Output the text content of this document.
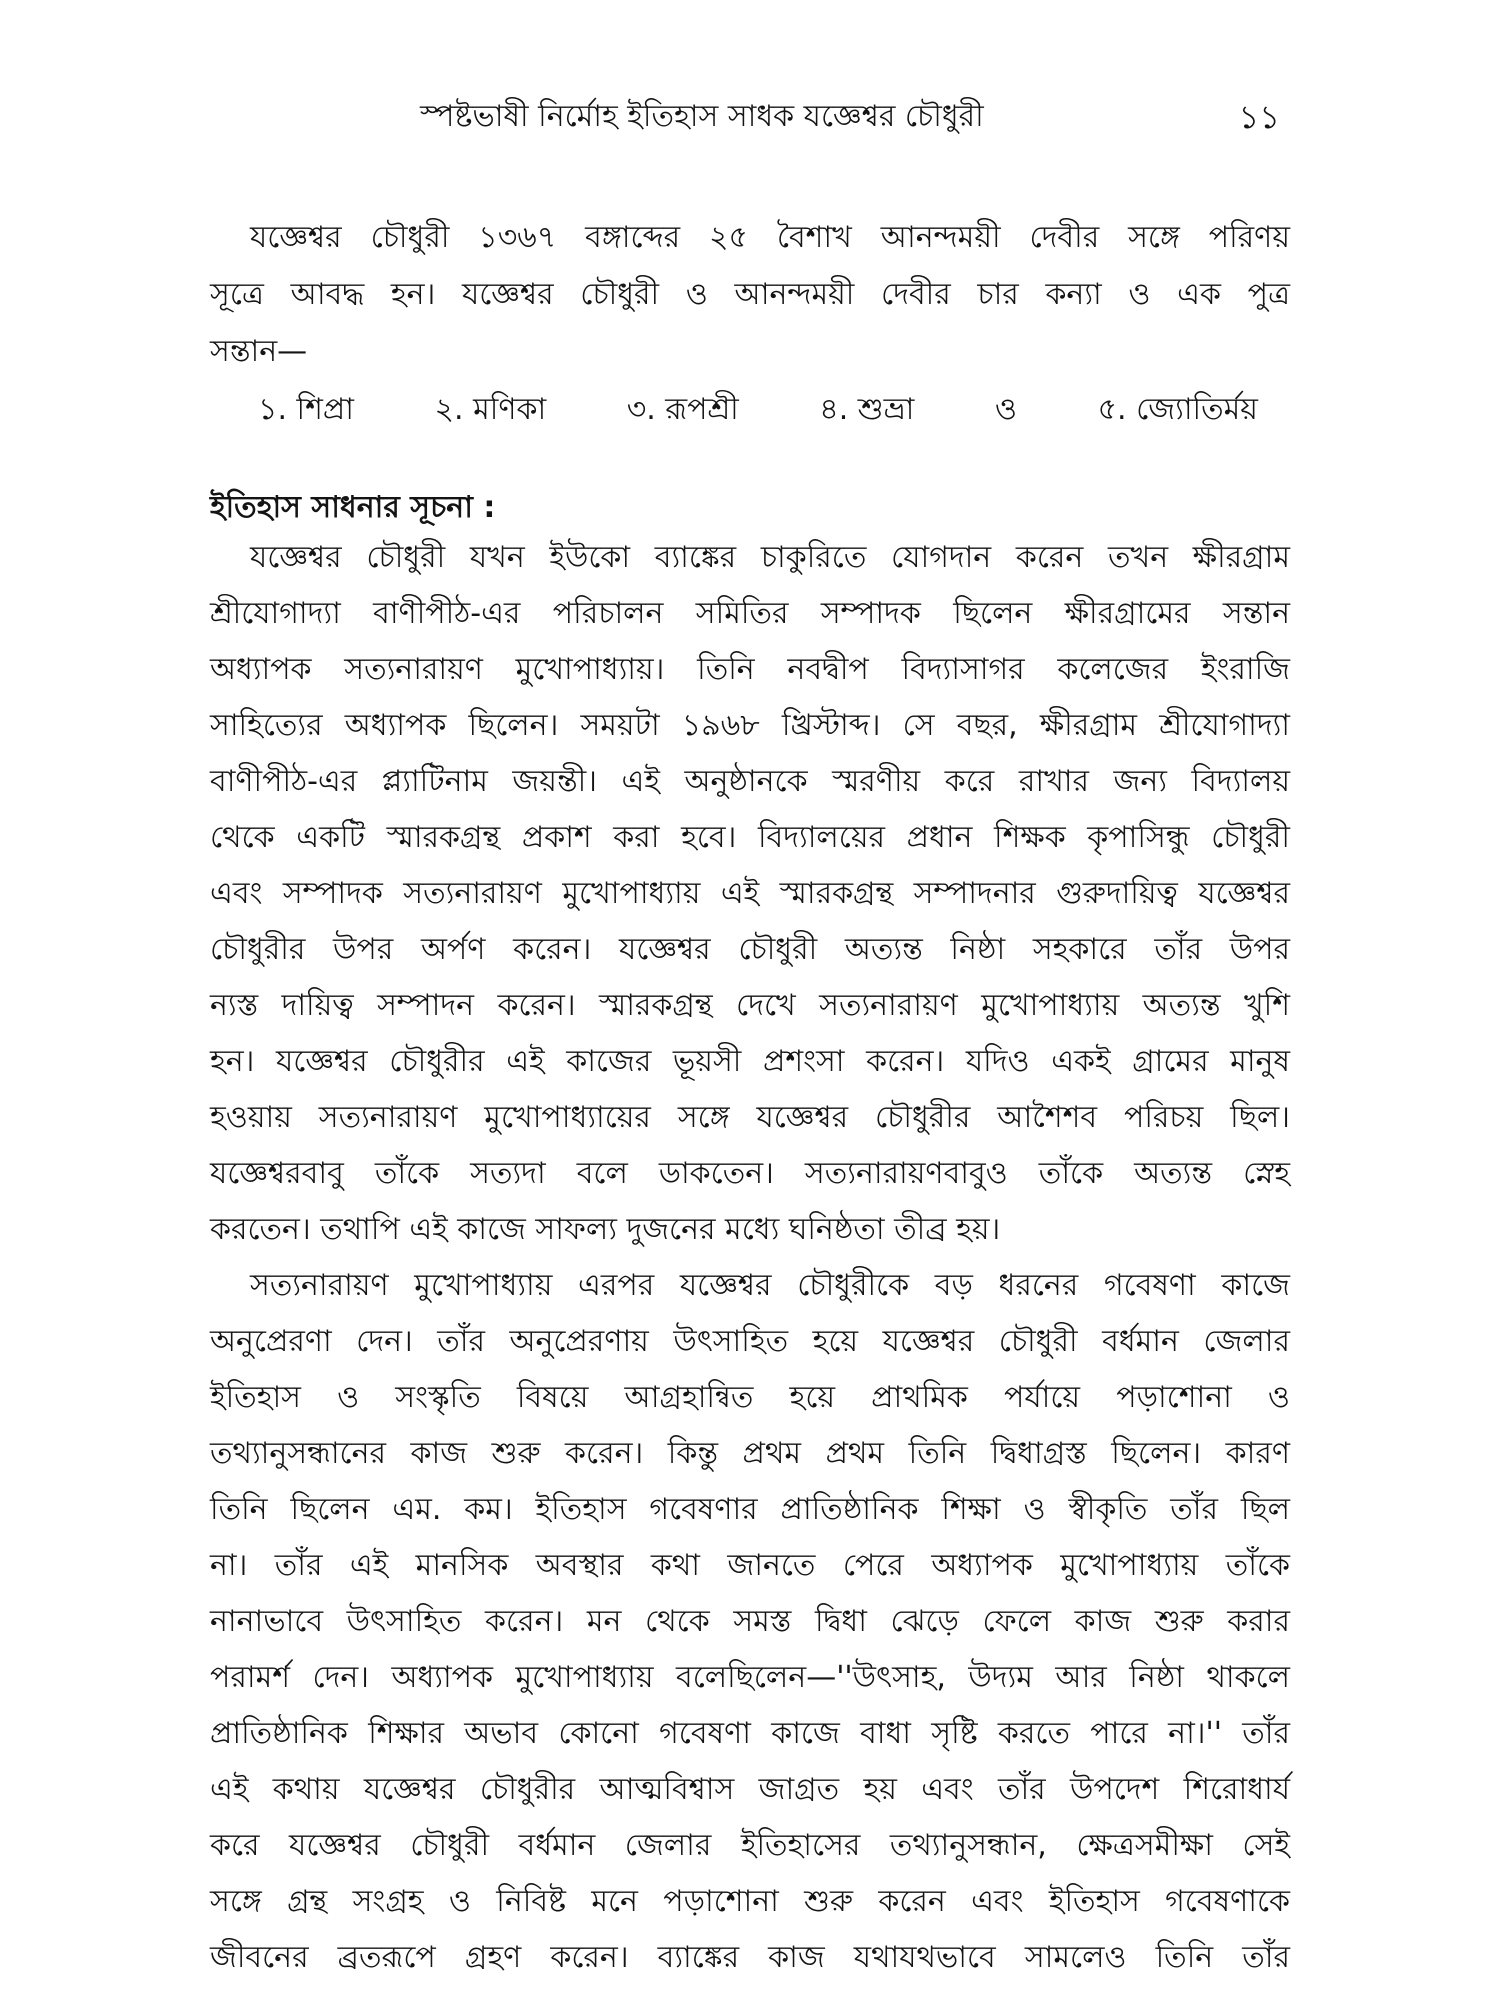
স্পষ্টভাষী নির্মোহ ইতিহাস সাধক যজ্ঞেশ্বর চৌধুরী	১১
যজ্ঞেশ্বর চৌধুরী ১৩৬৭ বঙ্গাব্দের ২৫ বৈশাখ আনন্দময়ী দেবীর সঙ্গে পরিণয়
সূত্রে আবদ্ধ হন। যজ্ঞেশ্বর চৌধুরী ও আনন্দময়ী দেবীর চার কন্যা ও এক পুত্র
সন্তান—
১. শিপ্রা	২. মণিকা	৩. রূপশ্রী	৪. শুভ্রা	ও	৫. জ্যোতির্ময়
ইতিহাস সাধনার সূচনা :
যজ্ঞেশ্বর চৌধুরী যখন ইউকো ব্যাঙ্কের চাকুরিতে যোগদান করেন তখন ক্ষীরগ্রাম
শ্রীযোগাদ্যা বাণীপীঠ-এর পরিচালন সমিতির সম্পাদক ছিলেন ক্ষীরগ্রামের সন্তান
অধ্যাপক সত্যনারায়ণ মুখোপাধ্যায়। তিনি নবদ্বীপ বিদ্যাসাগর কলেজের ইংরাজি
সাহিত্যের অধ্যাপক ছিলেন। সময়টা ১৯৬৮ খ্রিস্টাব্দ। সে বছর, ক্ষীরগ্রাম শ্রীযোগাদ্যা
বাণীপীঠ-এর প্ল্যাটিনাম জয়ন্তী। এই অনুষ্ঠানকে স্মরণীয় করে রাখার জন্য বিদ্যালয়
থেকে একটি স্মারকগ্রন্থ প্রকাশ করা হবে। বিদ্যালয়ের প্রধান শিক্ষক কৃপাসিন্ধু চৌধুরী
এবং সম্পাদক সত্যনারায়ণ মুখোপাধ্যায় এই স্মারকগ্রন্থ সম্পাদনার গুরুদায়িত্ব যজ্ঞেশ্বর
চৌধুরীর উপর অর্পণ করেন। যজ্ঞেশ্বর চৌধুরী অত্যন্ত নিষ্ঠা সহকারে তাঁর উপর
ন্যস্ত দায়িত্ব সম্পাদন করেন। স্মারকগ্রন্থ দেখে সত্যনারায়ণ মুখোপাধ্যায় অত্যন্ত খুশি
হন। যজ্ঞেশ্বর চৌধুরীর এই কাজের ভূয়সী প্রশংসা করেন। যদিও একই গ্রামের মানুষ
হওয়ায় সত্যনারায়ণ মুখোপাধ্যায়ের সঙ্গে যজ্ঞেশ্বর চৌধুরীর আশৈশব পরিচয় ছিল।
যজ্ঞেশ্বরবাবু তাঁকে সত্যদা বলে ডাকতেন। সত্যনারায়ণবাবুও তাঁকে অত্যন্ত স্নেহ
করতেন। তথাপি এই কাজে সাফল্য দুজনের মধ্যে ঘনিষ্ঠতা তীব্র হয়।
সত্যনারায়ণ মুখোপাধ্যায় এরপর যজ্ঞেশ্বর চৌধুরীকে বড় ধরনের গবেষণা কাজে
অনুপ্রেরণা দেন। তাঁর অনুপ্রেরণায় উৎসাহিত হয়ে যজ্ঞেশ্বর চৌধুরী বর্ধমান জেলার
ইতিহাস ও সংস্কৃতি বিষয়ে আগ্রহান্বিত হয়ে প্রাথমিক পর্যায়ে পড়াশোনা ও
তথ্যানুসন্ধানের কাজ শুরু করেন। কিন্তু প্রথম প্রথম তিনি দ্বিধাগ্রস্ত ছিলেন। কারণ
তিনি ছিলেন এম. কম। ইতিহাস গবেষণার প্রাতিষ্ঠানিক শিক্ষা ও স্বীকৃতি তাঁর ছিল
না। তাঁর এই মানসিক অবস্থার কথা জানতে পেরে অধ্যাপক মুখোপাধ্যায় তাঁকে
নানাভাবে উৎসাহিত করেন। মন থেকে সমস্ত দ্বিধা ঝেড়ে ফেলে কাজ শুরু করার
পরামর্শ দেন। অধ্যাপক মুখোপাধ্যায় বলেছিলেন—''উৎসাহ, উদ্যম আর নিষ্ঠা থাকলে
প্রাতিষ্ঠানিক শিক্ষার অভাব কোনো গবেষণা কাজে বাধা সৃষ্টি করতে পারে না।'' তাঁর
এই কথায় যজ্ঞেশ্বর চৌধুরীর আত্মবিশ্বাস জাগ্রত হয় এবং তাঁর উপদেশ শিরোধার্য
করে যজ্ঞেশ্বর চৌধুরী বর্ধমান জেলার ইতিহাসের তথ্যানুসন্ধান, ক্ষেত্রসমীক্ষা সেই
সঙ্গে গ্রন্থ সংগ্রহ ও নিবিষ্ট মনে পড়াশোনা শুরু করেন এবং ইতিহাস গবেষণাকে
জীবনের ব্রতরূপে গ্রহণ করেন। ব্যাঙ্কের কাজ যথাযথভাবে সামলেও তিনি তাঁর
